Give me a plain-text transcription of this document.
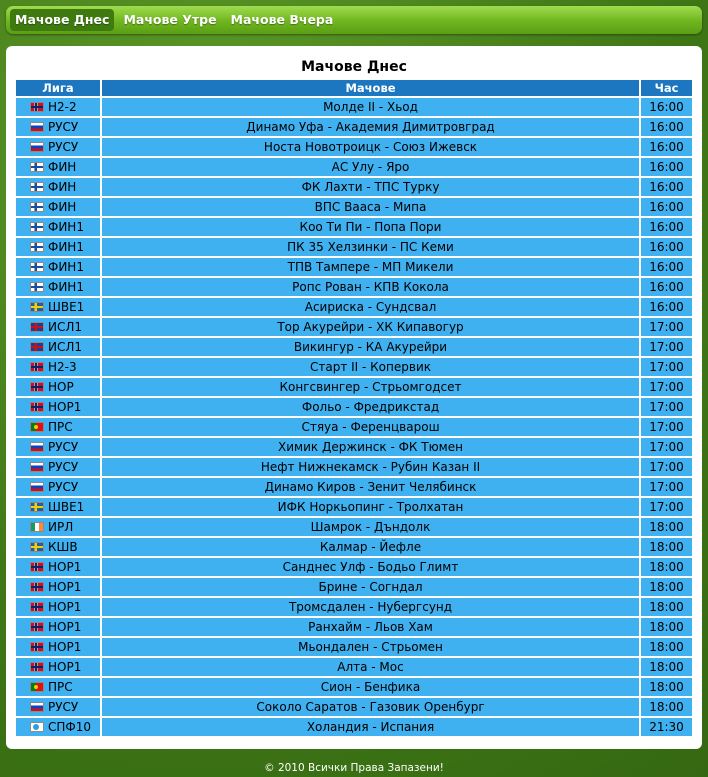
Мачове Днес	Мачове Утре	Мачове Вчера
Мачове Днес
Лига	Мачове	Час
Н2-2	Молде II - Хьод	16:00
РУСУ	Динамо Уфа - Академия Димитровград	16:00
РУСУ	Носта Новотроицк - Союз Ижевск	16:00
ФИН	АС Улу - Яро	16:00
ФИН	ФК Лахти - ТПС Турку	16:00
ФИН	ВПС Вааса - Мипа	16:00
ФИН1	Коо Ти Пи - Попа Пори	16:00
ФИН1	ПК 35 Хелзинки - ПС Кеми	16:00
ФИН1	ТПВ Тампере - МП Микели	16:00
ФИН1	Ропс Рован - КПВ Кокола	16:00
ШВЕ1	Асириска - Сундсвал	16:00
ИСЛ1	Тор Акурейри - ХК Кипавогур	17:00
ИСЛ1	Викингур - КА Акурейри	17:00
Н2-3	Старт II - Копервик	17:00
НОР	Конгсвингер - Стрьомгодсет	17:00
НОР1	Фольо - Фредрикстад	17:00
ПРС	Стяуа - Ференцварош	17:00
РУСУ	Химик Держинск - ФК Тюмен	17:00
РУСУ	Нефт Нижнекамск - Рубин Казан II	17:00
РУСУ	Динамо Киров - Зенит Челябинск	17:00
ШВЕ1	ИФК Норкьопинг - Тролхатан	17:00
ИРЛ	Шамрок - Дъндолк	18:00
КШВ	Калмар - Йефле	18:00
НОР1	Санднес Улф - Бодьо Глимт	18:00
НОР1	Брине - Согндал	18:00
НОР1	Тромсдален - Нубергсунд	18:00
НОР1	Ранхайм - Льов Хам	18:00
НОР1	Мьондален - Стрьомен	18:00
НОР1	Алта - Мос	18:00
ПРС	Сион - Бенфика	18:00
РУСУ	Соколо Саратов - Газовик Оренбург	18:00
СПФ10	Холандия - Испания	21:30
© 2010 Всички Права Запазени!
